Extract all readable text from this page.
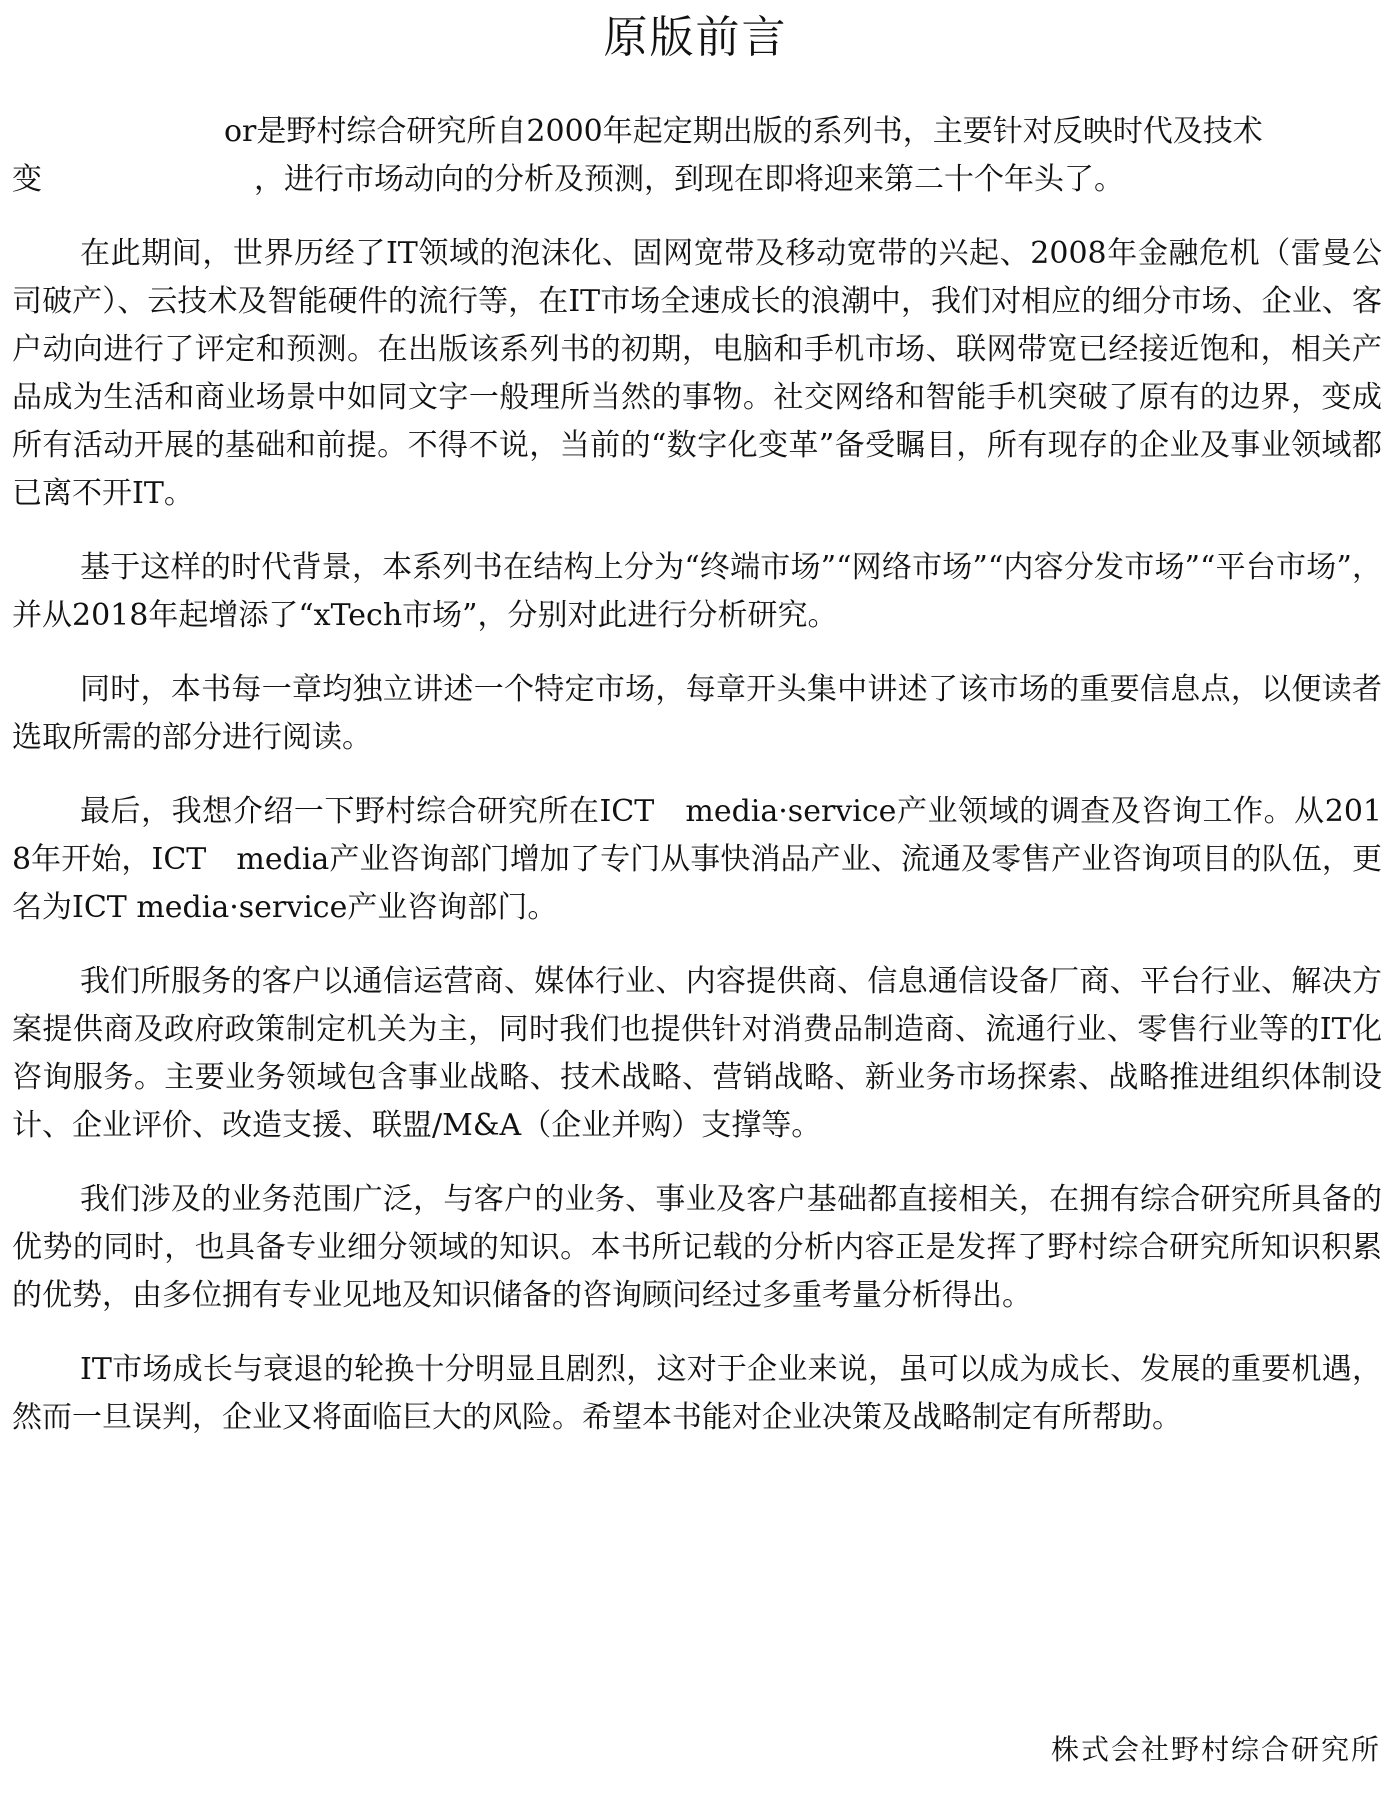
原版前言

or是野村综合研究所自2000年起定期出版的系列书，主要针对反映时代及技术
变	，进行市场动向的分析及预测，到现在即将迎来第二十个年头了。

在此期间，世界历经了IT领域的泡沫化、固网宽带及移动宽带的兴起、2008年金融危机（雷曼公司破产）、云技术及智能硬件的流行等，在IT市场全速成长的浪潮中，我们对相应的细分市场、企业、客户动向进行了评定和预测。在出版该系列书的初期，电脑和手机市场、联网带宽已经接近饱和，相关产品成为生活和商业场景中如同文字一般理所当然的事物。社交网络和智能手机突破了原有的边界，变成所有活动开展的基础和前提。不得不说，当前的“数字化变革”备受瞩目，所有现存的企业及事业领域都已离不开IT。

基于这样的时代背景，本系列书在结构上分为“终端市场”“网络市场”“内容分发市场”“平台市场”，并从2018年起增添了“xTech市场”，分别对此进行分析研究。

同时，本书每一章均独立讲述一个特定市场，每章开头集中讲述了该市场的重要信息点，以便读者选取所需的部分进行阅读。

最后，我想介绍一下野村综合研究所在ICT　media·service产业领域的调查及咨询工作。从2018年开始，ICT　media产业咨询部门增加了专门从事快消品产业、流通及零售产业咨询项目的队伍，更名为ICT media·service产业咨询部门。

我们所服务的客户以通信运营商、媒体行业、内容提供商、信息通信设备厂商、平台行业、解决方案提供商及政府政策制定机关为主，同时我们也提供针对消费品制造商、流通行业、零售行业等的IT化咨询服务。主要业务领域包含事业战略、技术战略、营销战略、新业务市场探索、战略推进组织体制设计、企业评价、改造支援、联盟/M&A（企业并购）支撑等。

我们涉及的业务范围广泛，与客户的业务、事业及客户基础都直接相关，在拥有综合研究所具备的优势的同时，也具备专业细分领域的知识。本书所记载的分析内容正是发挥了野村综合研究所知识积累的优势，由多位拥有专业见地及知识储备的咨询顾问经过多重考量分析得出。

IT市场成长与衰退的轮换十分明显且剧烈，这对于企业来说，虽可以成为成长、发展的重要机遇，然而一旦误判，企业又将面临巨大的风险。希望本书能对企业决策及战略制定有所帮助。

株式会社野村综合研究所
